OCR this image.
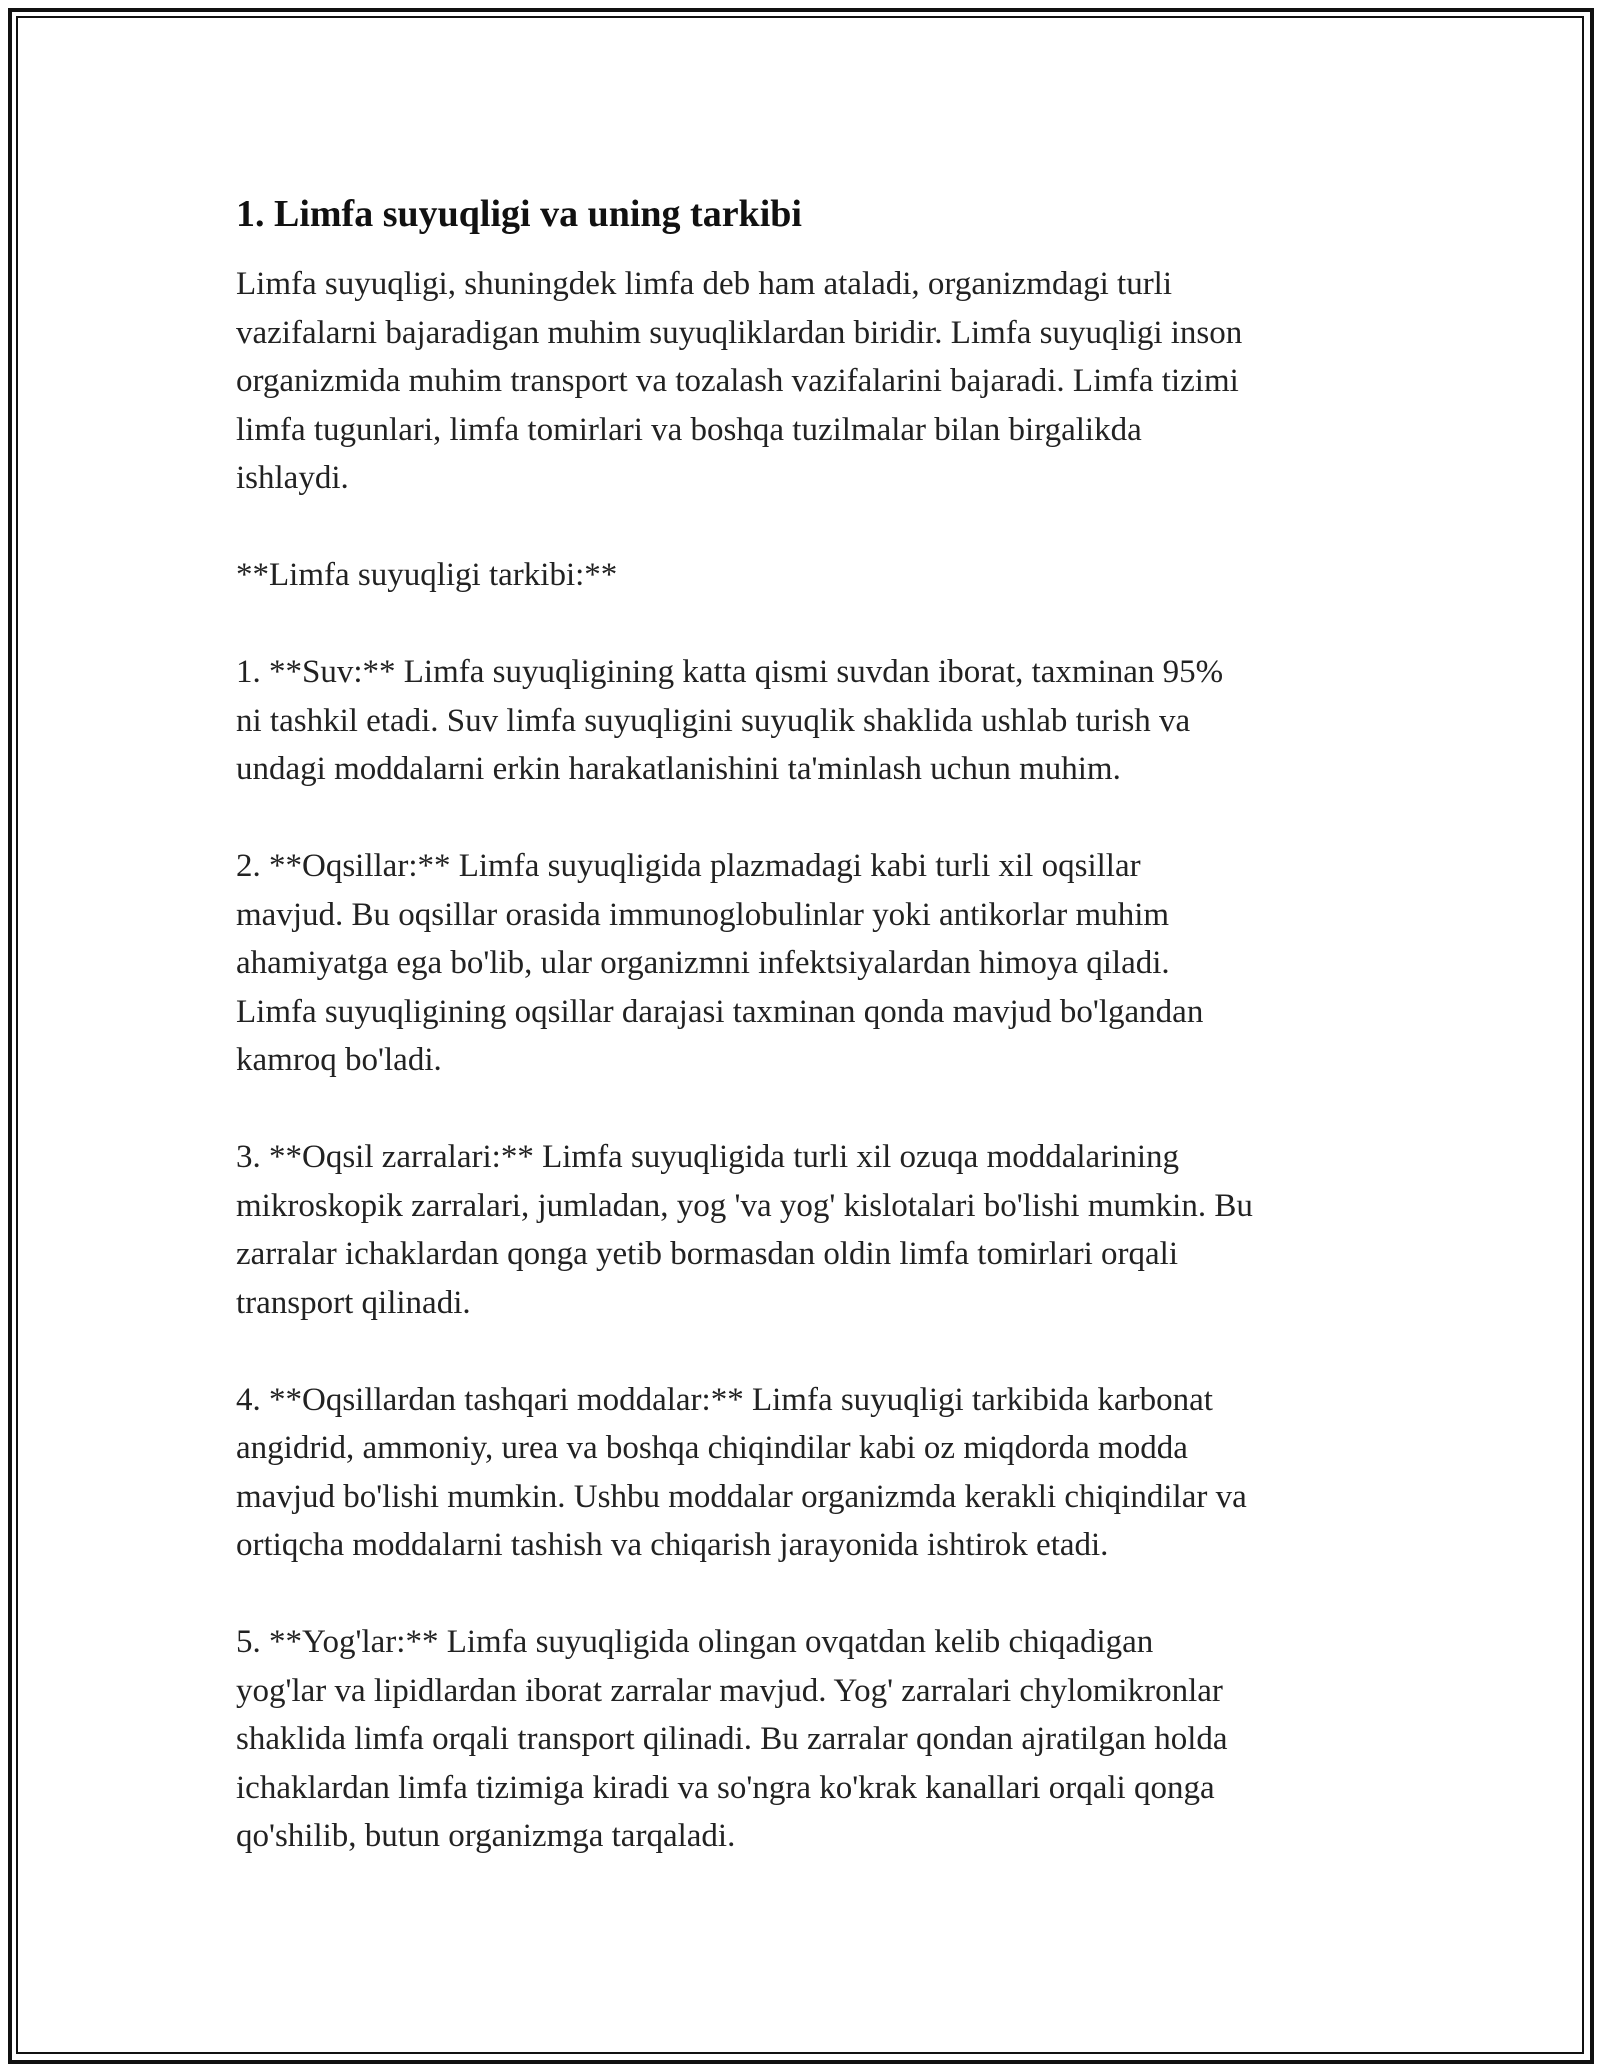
1. Limfa suyuqligi va uning tarkibi

Limfa suyuqligi, shuningdek limfa deb ham ataladi, organizmdagi turli
vazifalarni bajaradigan muhim suyuqliklardan biridir. Limfa suyuqligi inson
organizmida muhim transport va tozalash vazifalarini bajaradi. Limfa tizimi
limfa tugunlari, limfa tomirlari va boshqa tuzilmalar bilan birgalikda
ishlaydi.

**Limfa suyuqligi tarkibi:**

1. **Suv:** Limfa suyuqligining katta qismi suvdan iborat, taxminan 95%
ni tashkil etadi. Suv limfa suyuqligini suyuqlik shaklida ushlab turish va
undagi moddalarni erkin harakatlanishini ta'minlash uchun muhim.

2. **Oqsillar:** Limfa suyuqligida plazmadagi kabi turli xil oqsillar
mavjud. Bu oqsillar orasida immunoglobulinlar yoki antikorlar muhim
ahamiyatga ega bo'lib, ular organizmni infektsiyalardan himoya qiladi.
Limfa suyuqligining oqsillar darajasi taxminan qonda mavjud bo'lgandan
kamroq bo'ladi.

3. **Oqsil zarralari:** Limfa suyuqligida turli xil ozuqa moddalarining
mikroskopik zarralari, jumladan, yog 'va yog' kislotalari bo'lishi mumkin. Bu
zarralar ichaklardan qonga yetib bormasdan oldin limfa tomirlari orqali
transport qilinadi.

4. **Oqsillardan tashqari moddalar:** Limfa suyuqligi tarkibida karbonat
angidrid, ammoniy, urea va boshqa chiqindilar kabi oz miqdorda modda
mavjud bo'lishi mumkin. Ushbu moddalar organizmda kerakli chiqindilar va
ortiqcha moddalarni tashish va chiqarish jarayonida ishtirok etadi.

5. **Yog'lar:** Limfa suyuqligida olingan ovqatdan kelib chiqadigan
yog'lar va lipidlardan iborat zarralar mavjud. Yog' zarralari chylomikronlar
shaklida limfa orqali transport qilinadi. Bu zarralar qondan ajratilgan holda
ichaklardan limfa tizimiga kiradi va so'ngra ko'krak kanallari orqali qonga
qo'shilib, butun organizmga tarqaladi.
